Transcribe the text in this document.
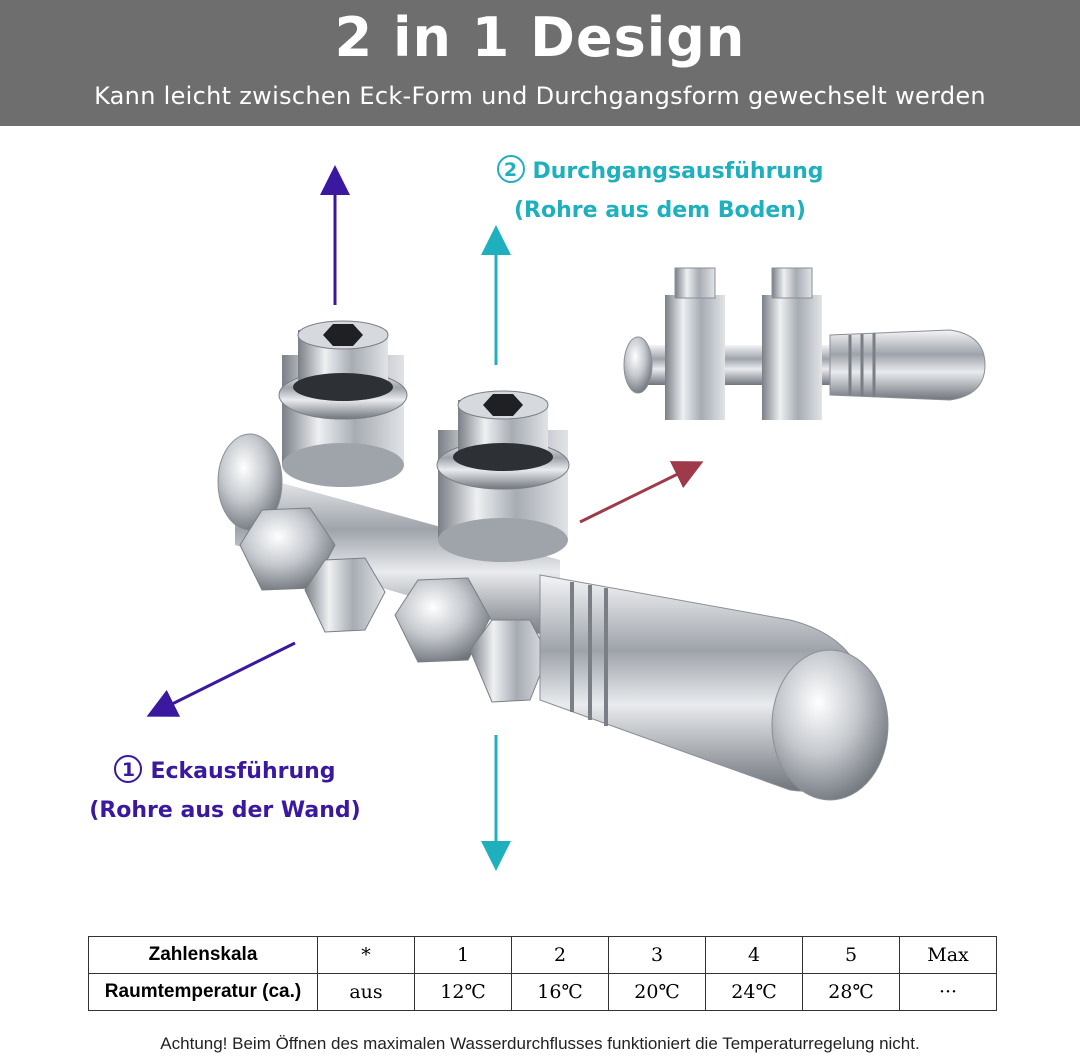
2 in 1 Design
Kann leicht zwischen Eck-Form und Durchgangsform gewechselt werden
2 Durchgangsausführung
(Rohre aus dem Boden)
1 Eckausführung
(Rohre aus der Wand)
Zahlenskala	*	1	2	3	4	5	Max
Raumtemperatur (ca.)	aus	12℃	16℃	20℃	24℃	28℃	···
Achtung! Beim Öffnen des maximalen Wasserdurchflusses funktioniert die Temperaturregelung nicht.
